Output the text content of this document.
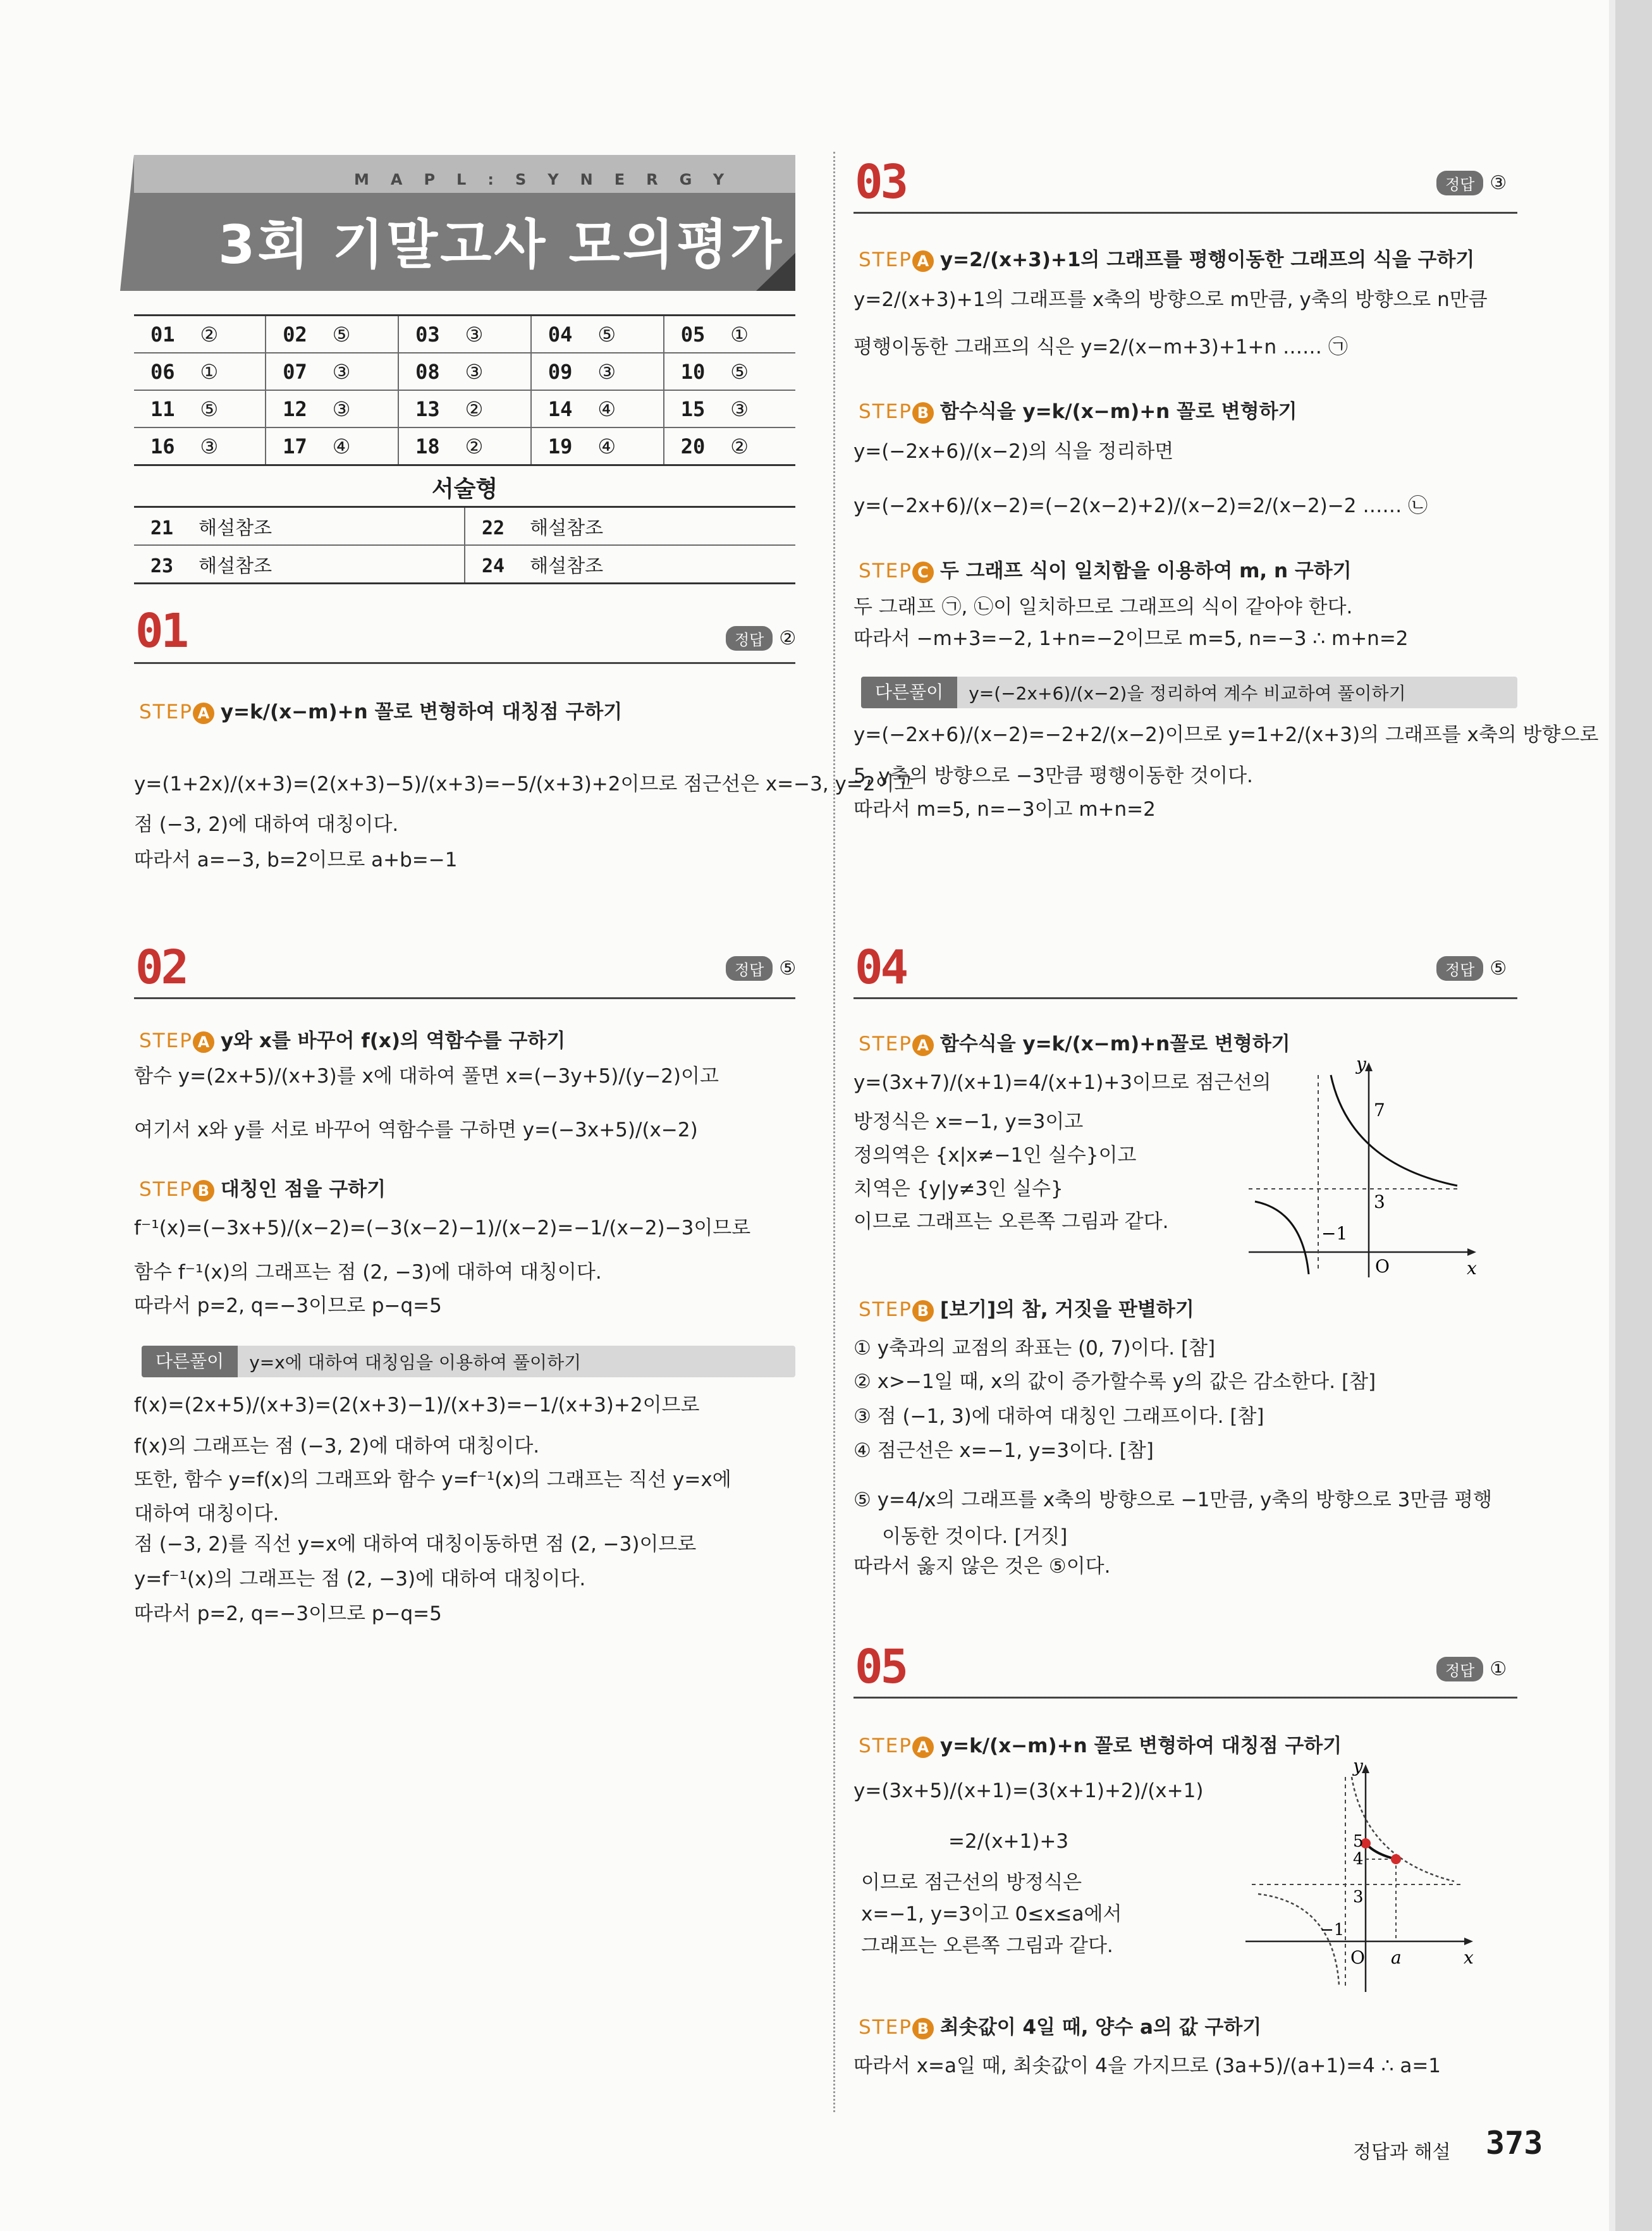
MAPL:SYNERGY
3회 기말고사 모의평가
01 ②	02 ⑤	03 ③	04 ⑤	05 ①
06 ①	07 ③	08 ③	09 ③	10 ⑤
11 ⑤	12 ③	13 ②	14 ④	15 ③
16 ③	17 ④	18 ②	19 ④	20 ②
서술형
21 해설참조	22 해설참조
23 해설참조	24 해설참조
01	정답 ②
STEP A y=k/(x−m)+n 꼴로 변형하여 대칭점 구하기
y=(1+2x)/(x+3)=(2(x+3)−5)/(x+3)=−5/(x+3)+2이므로 점근선은 x=−3, y=2이고
점 (−3, 2)에 대하여 대칭이다.
따라서 a=−3, b=2이므로 a+b=−1
02	정답 ⑤
STEP A y와 x를 바꾸어 f(x)의 역함수를 구하기
함수 y=(2x+5)/(x+3)를 x에 대하여 풀면 x=(−3y+5)/(y−2)이고
여기서 x와 y를 서로 바꾸어 역함수를 구하면 y=(−3x+5)/(x−2)
STEP B 대칭인 점을 구하기
f⁻¹(x)=(−3x+5)/(x−2)=(−3(x−2)−1)/(x−2)=−1/(x−2)−3이므로
함수 f⁻¹(x)의 그래프는 점 (2, −3)에 대하여 대칭이다.
따라서 p=2, q=−3이므로 p−q=5
다른풀이	y=x에 대하여 대칭임을 이용하여 풀이하기
f(x)=(2x+5)/(x+3)=(2(x+3)−1)/(x+3)=−1/(x+3)+2이므로
f(x)의 그래프는 점 (−3, 2)에 대하여 대칭이다.
또한, 함수 y=f(x)의 그래프와 함수 y=f⁻¹(x)의 그래프는 직선 y=x에
대하여 대칭이다.
점 (−3, 2)를 직선 y=x에 대하여 대칭이동하면 점 (2, −3)이므로
y=f⁻¹(x)의 그래프는 점 (2, −3)에 대하여 대칭이다.
따라서 p=2, q=−3이므로 p−q=5
03	정답 ③
STEP A y=2/(x+3)+1의 그래프를 평행이동한 그래프의 식을 구하기
y=2/(x+3)+1의 그래프를 x축의 방향으로 m만큼, y축의 방향으로 n만큼
평행이동한 그래프의 식은 y=2/(x−m+3)+1+n …… ㉠
STEP B 함수식을 y=k/(x−m)+n 꼴로 변형하기
y=(−2x+6)/(x−2)의 식을 정리하면
y=(−2x+6)/(x−2)=(−2(x−2)+2)/(x−2)=2/(x−2)−2 …… ㉡
STEP C 두 그래프 식이 일치함을 이용하여 m, n 구하기
두 그래프 ㉠, ㉡이 일치하므로 그래프의 식이 같아야 한다.
따라서 −m+3=−2, 1+n=−2이므로 m=5, n=−3 ∴ m+n=2
다른풀이	y=(−2x+6)/(x−2)을 정리하여 계수 비교하여 풀이하기
y=(−2x+6)/(x−2)=−2+2/(x−2)이므로 y=1+2/(x+3)의 그래프를 x축의 방향으로
5, y축의 방향으로 −3만큼 평행이동한 것이다.
따라서 m=5, n=−3이고 m+n=2
04	정답 ⑤
STEP A 함수식을 y=k/(x−m)+n꼴로 변형하기
y=(3x+7)/(x+1)=4/(x+1)+3이므로 점근선의
방정식은 x=−1, y=3이고
정의역은 {x|x≠−1인 실수}이고
치역은 {y|y≠3인 실수}
이므로 그래프는 오른쪽 그림과 같다.
y
x
O
7
3
−1
STEP B [보기]의 참, 거짓을 판별하기
① y축과의 교점의 좌표는 (0, 7)이다. [참]
② x>−1일 때, x의 값이 증가할수록 y의 값은 감소한다. [참]
③ 점 (−1, 3)에 대하여 대칭인 그래프이다. [참]
④ 점근선은 x=−1, y=3이다. [참]
⑤ y=4/x의 그래프를 x축의 방향으로 −1만큼, y축의 방향으로 3만큼 평행
이동한 것이다. [거짓]
따라서 옳지 않은 것은 ⑤이다.
05	정답 ①
STEP A y=k/(x−m)+n 꼴로 변형하여 대칭점 구하기
y=(3x+5)/(x+1)=(3(x+1)+2)/(x+1)
=2/(x+1)+3
이므로 점근선의 방정식은
x=−1, y=3이고 0≤x≤a에서
그래프는 오른쪽 그림과 같다.
y
x
O
5
4
3
−1
a
STEP B 최솟값이 4일 때, 양수 a의 값 구하기
따라서 x=a일 때, 최솟값이 4을 가지므로 (3a+5)/(a+1)=4 ∴ a=1
정답과 해설 373
